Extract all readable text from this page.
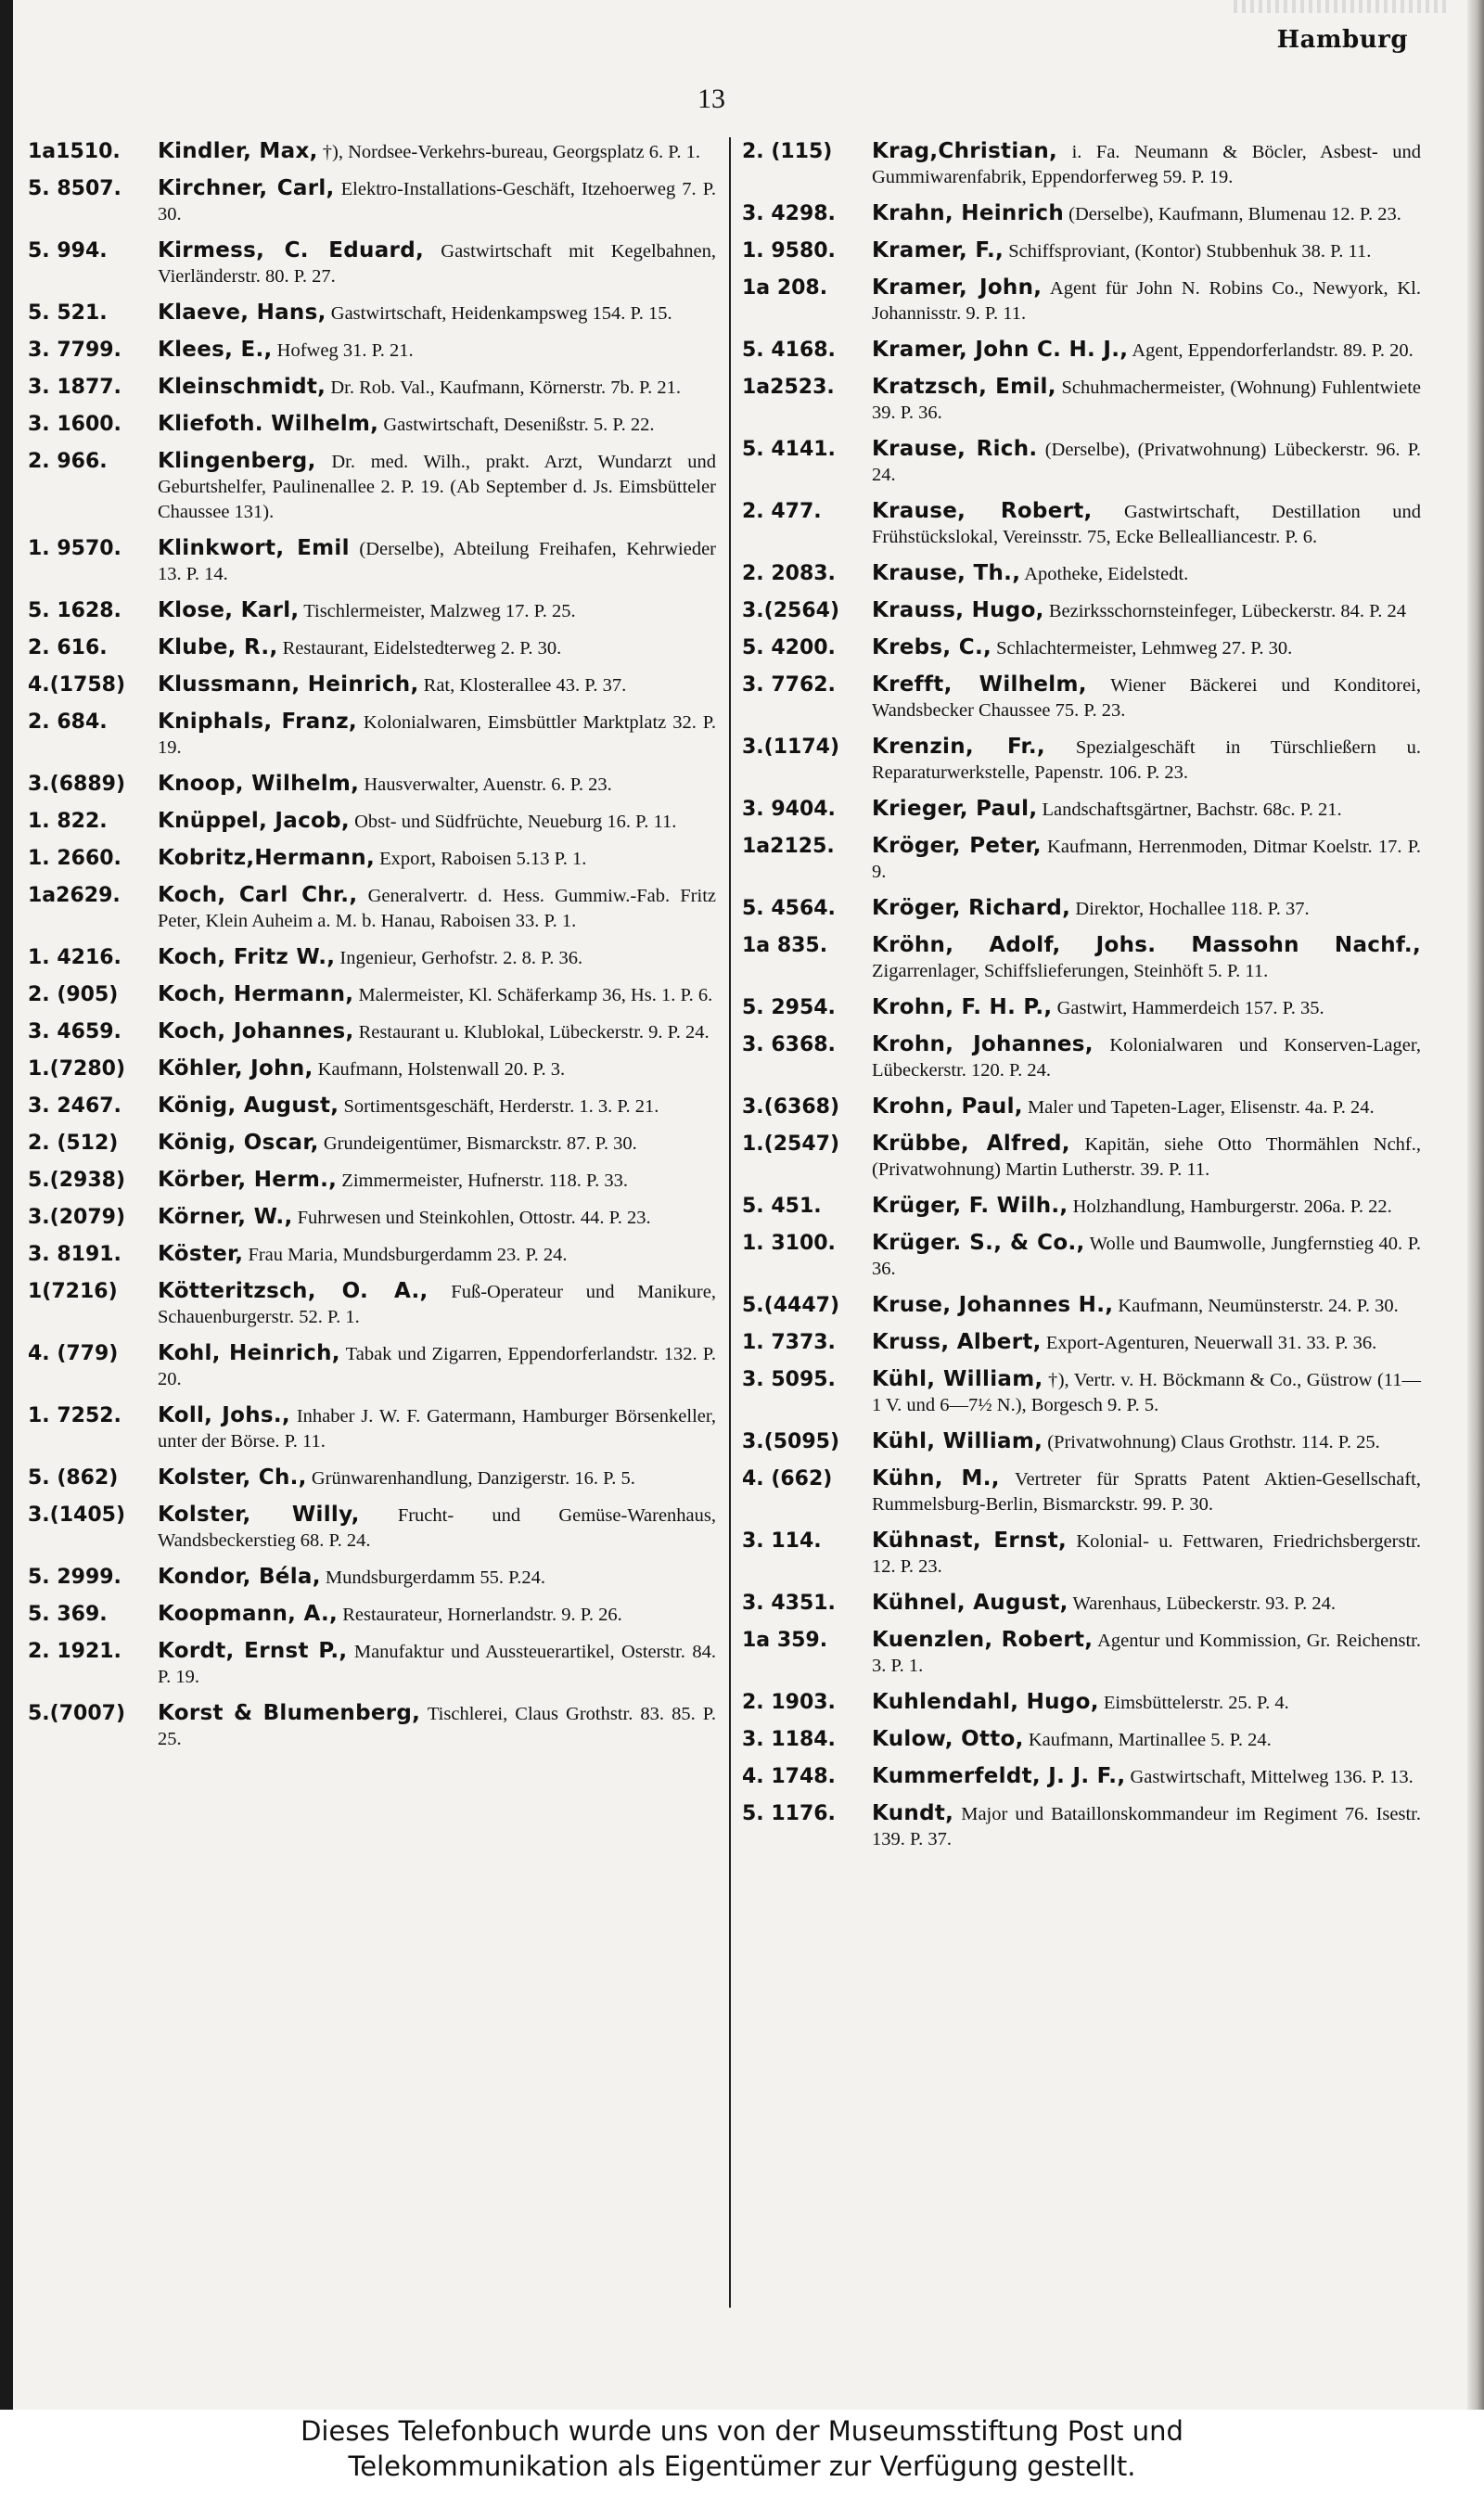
Hamburg
13
1a1510.	Kindler, Max, †), Nordsee-Verkehrs-bureau, Georgsplatz 6. P. 1.
5. 8507.	Kirchner, Carl, Elektro-Installations-Geschäft, Itzehoerweg 7. P. 30.
5. 994.	Kirmess, C. Eduard, Gastwirtschaft mit Kegelbahnen, Vierländerstr. 80. P. 27.
5. 521.	Klaeve, Hans, Gastwirtschaft, Heidenkampsweg 154. P. 15.
3. 7799.	Klees, E., Hofweg 31. P. 21.
3. 1877.	Kleinschmidt, Dr. Rob. Val., Kaufmann, Körnerstr. 7b. P. 21.
3. 1600.	Kliefoth. Wilhelm, Gastwirtschaft, Desenißstr. 5. P. 22.
2. 966.	Klingenberg, Dr. med. Wilh., prakt. Arzt, Wundarzt und Geburtshelfer, Paulinenallee 2. P. 19. (Ab September d. Js. Eimsbütteler Chaussee 131).
1. 9570.	Klinkwort, Emil (Derselbe), Abteilung Freihafen, Kehrwieder 13. P. 14.
5. 1628.	Klose, Karl, Tischlermeister, Malzweg 17. P. 25.
2. 616.	Klube, R., Restaurant, Eidelstedterweg 2. P. 30.
4.(1758)	Klussmann, Heinrich, Rat, Klosterallee 43. P. 37.
2. 684.	Kniphals, Franz, Kolonialwaren, Eimsbüttler Marktplatz 32. P. 19.
3.(6889)	Knoop, Wilhelm, Hausverwalter, Auenstr. 6. P. 23.
1. 822.	Knüppel, Jacob, Obst- und Südfrüchte, Neueburg 16. P. 11.
1. 2660.	Kobritz,Hermann, Export, Raboisen 5.13 P. 1.
1a2629.	Koch, Carl Chr., Generalvertr. d. Hess. Gummiw.-Fab. Fritz Peter, Klein Auheim a. M. b. Hanau, Raboisen 33. P. 1.
1. 4216.	Koch, Fritz W., Ingenieur, Gerhofstr. 2. 8. P. 36.
2. (905)	Koch, Hermann, Malermeister, Kl. Schäferkamp 36, Hs. 1. P. 6.
3. 4659.	Koch, Johannes, Restaurant u. Klublokal, Lübeckerstr. 9. P. 24.
1.(7280)	Köhler, John, Kaufmann, Holstenwall 20. P. 3.
3. 2467.	König, August, Sortimentsgeschäft, Herderstr. 1. 3. P. 21.
2. (512)	König, Oscar, Grundeigentümer, Bismarckstr. 87. P. 30.
5.(2938)	Körber, Herm., Zimmermeister, Hufnerstr. 118. P. 33.
3.(2079)	Körner, W., Fuhrwesen und Steinkohlen, Ottostr. 44. P. 23.
3. 8191.	Köster, Frau Maria, Mundsburgerdamm 23. P. 24.
1(7216)	Kötteritzsch, O. A., Fuß-Operateur und Manikure, Schauenburgerstr. 52. P. 1.
4. (779)	Kohl, Heinrich, Tabak und Zigarren, Eppendorferlandstr. 132. P. 20.
1. 7252.	Koll, Johs., Inhaber J. W. F. Gatermann, Hamburger Börsenkeller, unter der Börse. P. 11.
5. (862)	Kolster, Ch., Grünwarenhandlung, Danzigerstr. 16. P. 5.
3.(1405)	Kolster, Willy, Frucht- und Gemüse-Warenhaus, Wandsbeckerstieg 68. P. 24.
5. 2999.	Kondor, Béla, Mundsburgerdamm 55. P.24.
5. 369.	Koopmann, A., Restaurateur, Hornerlandstr. 9. P. 26.
2. 1921.	Kordt, Ernst P., Manufaktur und Aussteuerartikel, Osterstr. 84. P. 19.
5.(7007)	Korst & Blumenberg, Tischlerei, Claus Grothstr. 83. 85. P. 25.
2. (115)	Krag,Christian, i. Fa. Neumann & Böcler, Asbest- und Gummiwarenfabrik, Eppendorferweg 59. P. 19.
3. 4298.	Krahn, Heinrich (Derselbe), Kaufmann, Blumenau 12. P. 23.
1. 9580.	Kramer, F., Schiffsproviant, (Kontor) Stubbenhuk 38. P. 11.
1a 208.	Kramer, John, Agent für John N. Robins Co., Newyork, Kl. Johannisstr. 9. P. 11.
5. 4168.	Kramer, John C. H. J., Agent, Eppendorferlandstr. 89. P. 20.
1a2523.	Kratzsch, Emil, Schuhmachermeister, (Wohnung) Fuhlentwiete 39. P. 36.
5. 4141.	Krause, Rich. (Derselbe), (Privatwohnung) Lübeckerstr. 96. P. 24.
2. 477.	Krause, Robert, Gastwirtschaft, Destillation und Frühstückslokal, Vereinsstr. 75, Ecke Bellealliancestr. P. 6.
2. 2083.	Krause, Th., Apotheke, Eidelstedt.
3.(2564)	Krauss, Hugo, Bezirksschornsteinfeger, Lübeckerstr. 84. P. 24
5. 4200.	Krebs, C., Schlachtermeister, Lehmweg 27. P. 30.
3. 7762.	Krefft, Wilhelm, Wiener Bäckerei und Konditorei, Wandsbecker Chaussee 75. P. 23.
3.(1174)	Krenzin, Fr., Spezialgeschäft in Türschließern u. Reparaturwerkstelle, Papenstr. 106. P. 23.
3. 9404.	Krieger, Paul, Landschaftsgärtner, Bachstr. 68c. P. 21.
1a2125.	Kröger, Peter, Kaufmann, Herrenmoden, Ditmar Koelstr. 17. P. 9.
5. 4564.	Kröger, Richard, Direktor, Hochallee 118. P. 37.
1a 835.	Kröhn, Adolf, Johs. Massohn Nachf., Zigarrenlager, Schiffslieferungen, Steinhöft 5. P. 11.
5. 2954.	Krohn, F. H. P., Gastwirt, Hammerdeich 157. P. 35.
3. 6368.	Krohn, Johannes, Kolonialwaren und Konserven-Lager, Lübeckerstr. 120. P. 24.
3.(6368)	Krohn, Paul, Maler und Tapeten-Lager, Elisenstr. 4a. P. 24.
1.(2547)	Krübbe, Alfred, Kapitän, siehe Otto Thormählen Nchf., (Privatwohnung) Martin Lutherstr. 39. P. 11.
5. 451.	Krüger, F. Wilh., Holzhandlung, Hamburgerstr. 206a. P. 22.
1. 3100.	Krüger. S., & Co., Wolle und Baumwolle, Jungfernstieg 40. P. 36.
5.(4447)	Kruse, Johannes H., Kaufmann, Neumünsterstr. 24. P. 30.
1. 7373.	Kruss, Albert, Export-Agenturen, Neuerwall 31. 33. P. 36.
3. 5095.	Kühl, William, †), Vertr. v. H. Böckmann & Co., Güstrow (11—1 V. und 6—7½ N.), Borgesch 9. P. 5.
3.(5095)	Kühl, William, (Privatwohnung) Claus Grothstr. 114. P. 25.
4. (662)	Kühn, M., Vertreter für Spratts Patent Aktien-Gesellschaft, Rummelsburg-Berlin, Bismarckstr. 99. P. 30.
3. 114.	Kühnast, Ernst, Kolonial- u. Fettwaren, Friedrichsbergerstr. 12. P. 23.
3. 4351.	Kühnel, August, Warenhaus, Lübeckerstr. 93. P. 24.
1a 359.	Kuenzlen, Robert, Agentur und Kommission, Gr. Reichenstr. 3. P. 1.
2. 1903.	Kuhlendahl, Hugo, Eimsbüttelerstr. 25. P. 4.
3. 1184.	Kulow, Otto, Kaufmann, Martinallee 5. P. 24.
4. 1748.	Kummerfeldt, J. J. F., Gastwirtschaft, Mittelweg 136. P. 13.
5. 1176.	Kundt, Major und Bataillonskommandeur im Regiment 76. Isestr. 139. P. 37.
Dieses Telefonbuch wurde uns von der Museumsstiftung Post und
Telekommunikation als Eigentümer zur Verfügung gestellt.
